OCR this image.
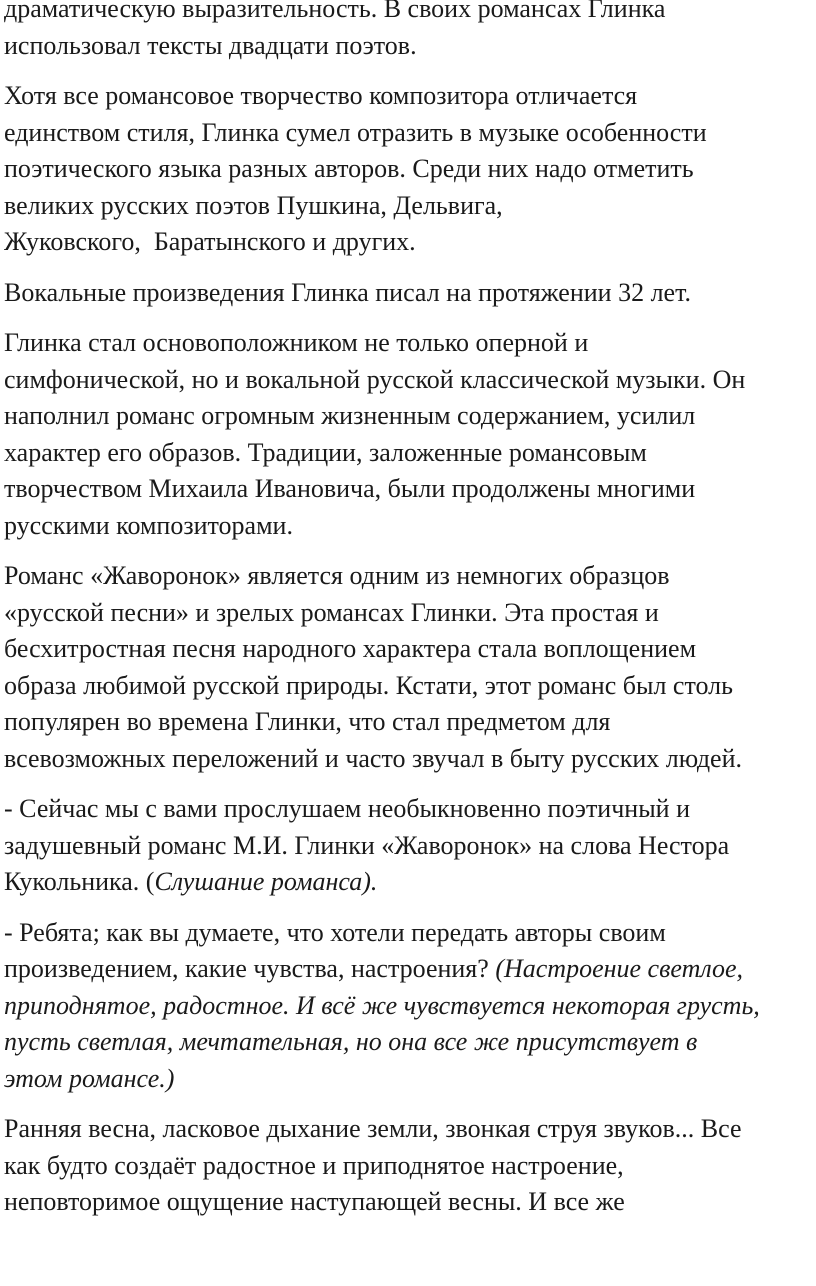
драматическую выразительность. В своих романсах Глинка
использовал тексты двадцати поэтов.

Хотя все романсовое творчество композитора отличается
единством стиля, Глинка сумел отразить в музыке особенности
поэтического языка разных авторов. Среди них надо отметить
великих русских поэтов Пушкина, Дельвига,
Жуковского,  Баратынского и других.

Вокальные произведения Глинка писал на протяжении 32 лет.

Глинка стал основоположником не только оперной и
симфонической, но и вокальной русской классической музыки. Он
наполнил романс огромным жизненным содержанием, усилил
характер его образов. Традиции, заложенные романсовым
творчеством Михаила Ивановича, были продолжены многими
русскими композиторами.

Романс «Жаворонок» является одним из немногих образцов
«русской песни» и зрелых романсах Глинки. Эта простая и
бесхитростная песня народного характера стала воплощением
образа любимой русской природы. Кстати, этот романс был столь
популярен во времена Глинки, что стал предметом для
всевозможных переложений и часто звучал в быту русских людей.

- Сейчас мы с вами прослушаем необыкновенно поэтичный и
задушевный романс М.И. Глинки «Жаворонок» на слова Нестора
Кукольника. (Слушание романса).

- Ребята; как вы думаете, что хотели передать авторы своим
произведением, какие чувства, настроения? (Настроение светлое,
приподнятое, радостное. И всё же чувствуется некоторая грусть,
пусть светлая, мечтательная, но она все же присутствует в
этом романсе.)

Ранняя весна, ласковое дыхание земли, звонкая струя звуков... Все
как будто создаёт радостное и приподнятое настроение,
неповторимое ощущение наступающей весны. И все же
